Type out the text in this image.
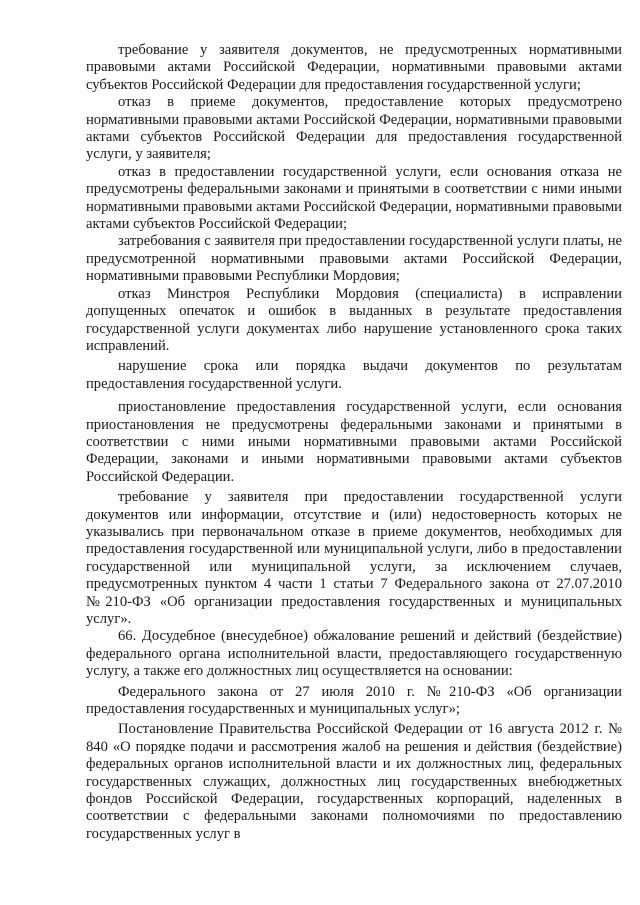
требование у заявителя документов, не предусмотренных нормативными правовыми актами Российской Федерации, нормативными правовыми актами субъектов Российской Федерации для предоставления государственной услуги;

отказ в приеме документов, предоставление которых предусмотрено нормативными правовыми актами Российской Федерации, нормативными правовыми актами субъектов Российской Федерации для предоставления государственной услуги, у заявителя;

отказ в предоставлении государственной услуги, если основания отказа не предусмотрены федеральными законами и принятыми в соответствии с ними иными нормативными правовыми актами Российской Федерации, нормативными правовыми актами субъектов Российской Федерации;

затребования с заявителя при предоставлении государственной услуги платы, не предусмотренной нормативными правовыми актами Российской Федерации, нормативными правовыми Республики Мордовия;

отказ Минстроя Республики Мордовия (специалиста) в исправлении допущенных опечаток и ошибок в выданных в результате предоставления государственной услуги документах либо нарушение установленного срока таких исправлений.

нарушение срока или порядка выдачи документов по результатам предоставления государственной услуги.

приостановление предоставления государственной услуги, если основания приостановления не предусмотрены федеральными законами и принятыми в соответствии с ними иными нормативными правовыми актами Российской Федерации, законами и иными нормативными правовыми актами субъектов Российской Федерации.

требование у заявителя при предоставлении государственной услуги документов или информации, отсутствие и (или) недостоверность которых не указывались при первоначальном отказе в приеме документов, необходимых для предоставления государственной или муниципальной услуги, либо в предоставлении государственной или муниципальной услуги, за исключением случаев, предусмотренных пунктом 4 части 1 статьи 7 Федерального закона от 27.07.2010 №210-ФЗ «Об организации предоставления государственных и муниципальных услуг».

66. Досудебное (внесудебное) обжалование решений и действий (бездействие) федерального органа исполнительной власти, предоставляющего государственную услугу, а также его должностных лиц осуществляется на основании:

Федерального закона от 27 июля 2010 г. №210-ФЗ «Об организации предоставления государственных и муниципальных услуг»;

Постановление Правительства Российской Федерации от 16 августа 2012 г. № 840 «О порядке подачи и рассмотрения жалоб на решения и действия (бездействие) федеральных органов исполнительной власти и их должностных лиц, федеральных государственных служащих, должностных лиц государственных внебюджетных фондов Российской Федерации, государственных корпораций, наделенных в соответствии с федеральными законами полномочиями по предоставлению государственных услуг в
